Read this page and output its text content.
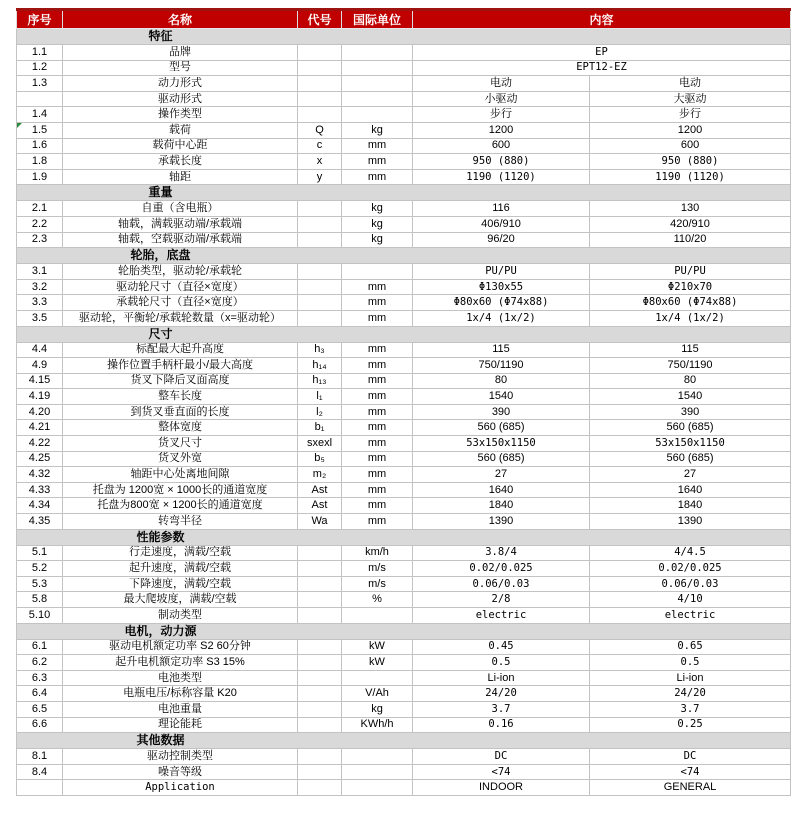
序号	名称	代号	国际单位	内容	

特征					

1.1	品牌			EP	
1.2	型号			EPT12-EZ	
1.3	动力形式			电动	电动
	驱动形式			小驱动	大驱动
1.4	操作类型			步行	步行
1.5	载荷	Q	kg	1200	1200
1.6	载荷中心距	c	mm	600	600
1.8	承载长度	x	mm	950 (880)	950 (880)
1.9	轴距	y	mm	1190 (1120)	1190 (1120)

重量					

2.1	自重（含电瓶）		kg	116	130
2.2	轴载，满载驱动端/承载端		kg	406/910	420/910
2.3	轴载，空载驱动端/承载端		kg	96/20	110/20

轮胎，底盘					

3.1	轮胎类型，驱动轮/承载轮			PU/PU	PU/PU
3.2	驱动轮尺寸（直径×宽度）		mm	Φ130x55	Φ210x70
3.3	承载轮尺寸（直径×宽度）		mm	Φ80x60 (Φ74x88)	Φ80x60 (Φ74x88)
3.5	驱动轮，平衡轮/承载轮数量（x=驱动轮）		mm	1x/4 (1x/2)	1x/4 (1x/2)

尺寸					

4.4	标配最大起升高度	h₃	mm	115	115
4.9	操作位置手柄杆最小/最大高度	h₁₄	mm	750/1190	750/1190
4.15	货叉下降后叉面高度	h₁₃	mm	80	80
4.19	整车长度	l₁	mm	1540	1540
4.20	到货叉垂直面的长度	l₂	mm	390	390
4.21	整体宽度	b₁	mm	560 (685)	560 (685)
4.22	货叉尺寸	sxexl	mm	53x150x1150	53x150x1150
4.25	货叉外宽	b₅	mm	560 (685)	560 (685)
4.32	轴距中心处离地间隙	m₂	mm	27	27
4.33	托盘为 1200宽 × 1000长的通道宽度	Ast	mm	1640	1640
4.34	托盘为800宽 × 1200长的通道宽度	Ast	mm	1840	1840
4.35	转弯半径	Wa	mm	1390	1390

性能参数					

5.1	行走速度，满载/空载		km/h	3.8/4	4/4.5
5.2	起升速度，满载/空载		m/s	0.02/0.025	0.02/0.025
5.3	下降速度，满载/空载		m/s	0.06/0.03	0.06/0.03
5.8	最大爬坡度，满载/空载		%	2/8	4/10
5.10	制动类型			electric	electric

电机，动力源					

6.1	驱动电机额定功率 S2 60分钟		kW	0.45	0.65
6.2	起升电机额定功率 S3 15%		kW	0.5	0.5
6.3	电池类型			Li-ion	Li-ion
6.4	电瓶电压/标称容量 K20		V/Ah	24/20	24/20
6.5	电池重量		kg	3.7	3.7
6.6	理论能耗		KWh/h	0.16	0.25

其他数据					

8.1	驱动控制类型			DC	DC
8.4	噪音等级			<74	<74
	Application			INDOOR	GENERAL
